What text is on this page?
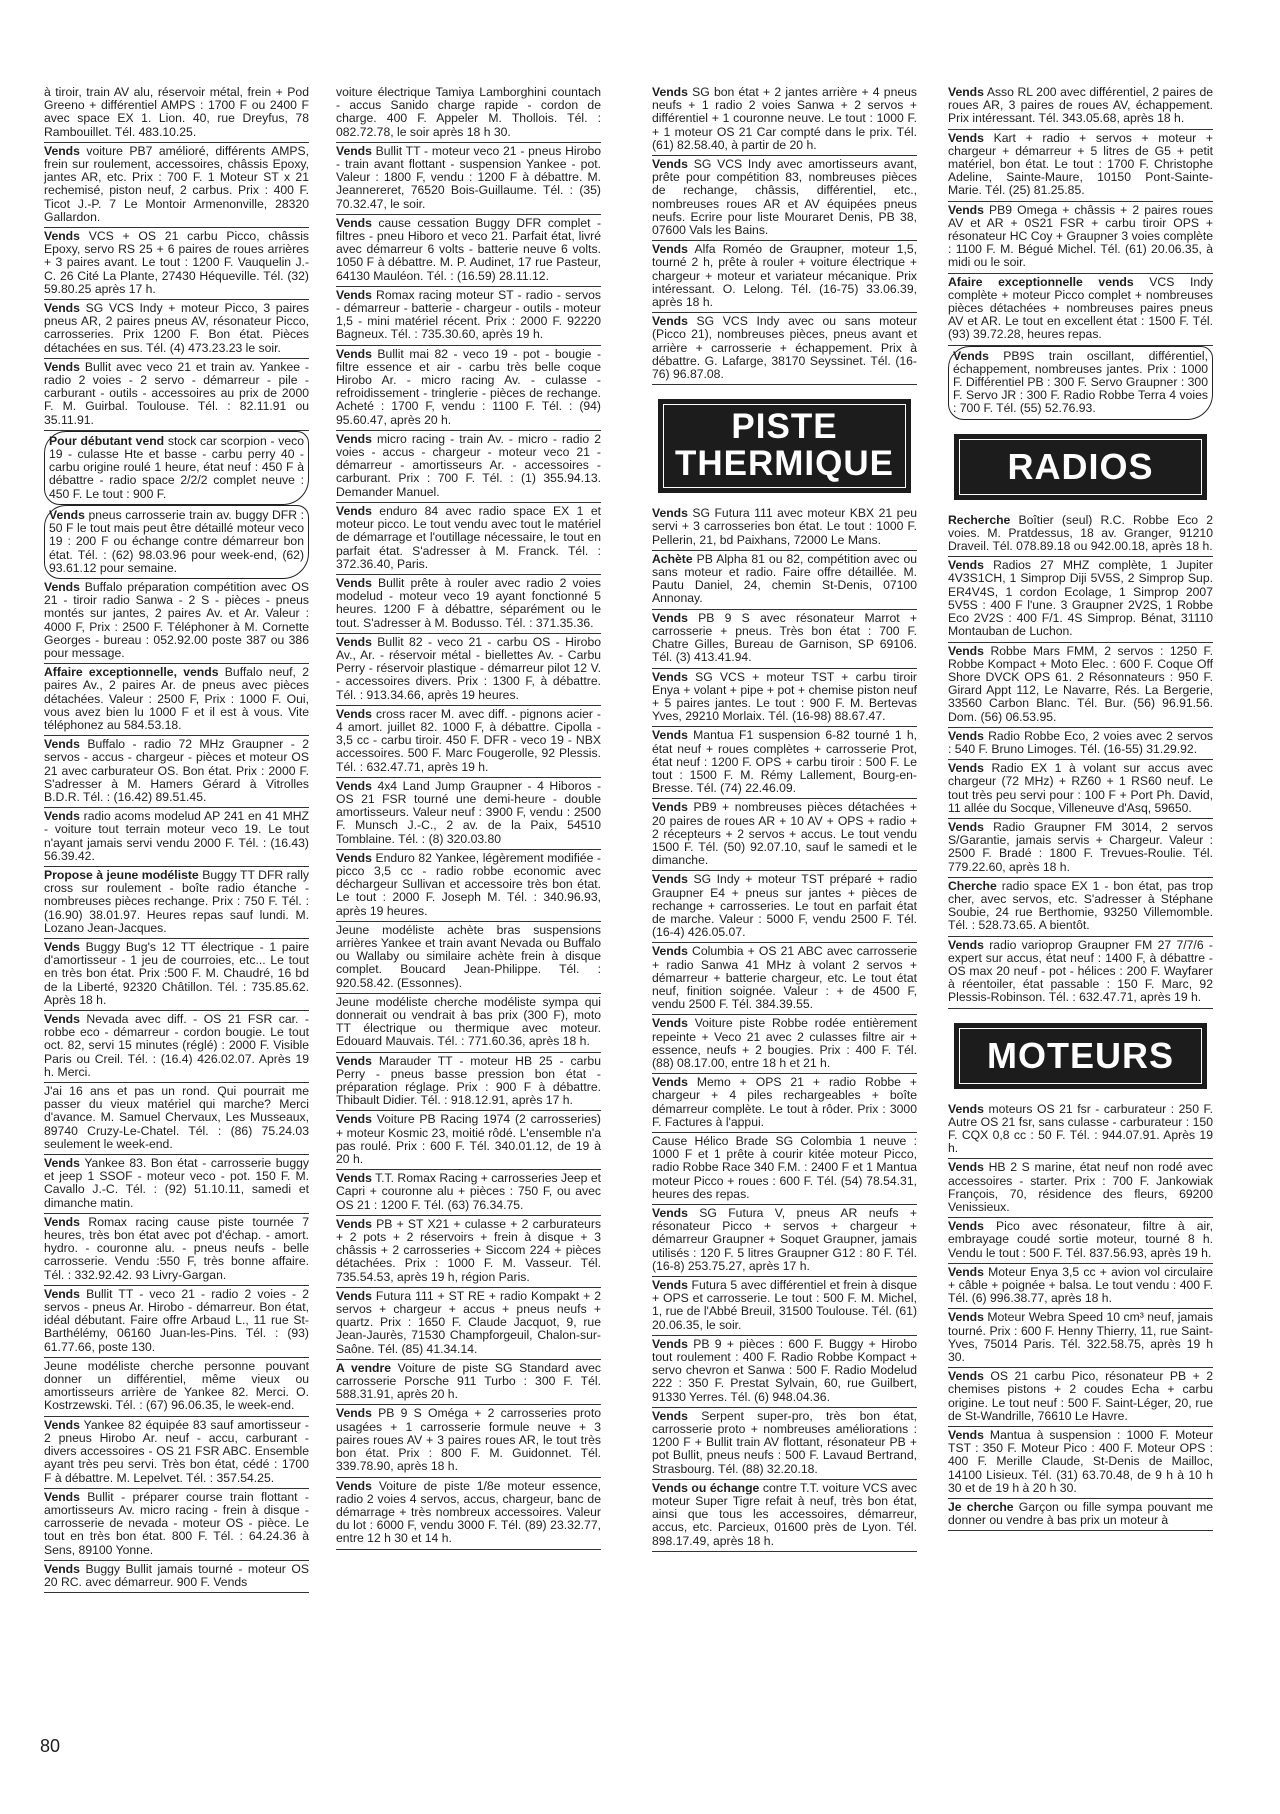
à tiroir, train AV alu, réservoir métal, frein + Pod Greeno + différentiel AMPS : 1700 F ou 2400 F avec space EX 1. Lion. 40, rue Dreyfus, 78 Rambouillet. Tél. 483.10.25.
Vends voiture PB7 amélioré, différents AMPS, frein sur roulement, accessoires, châssis Epoxy, jantes AR, etc. Prix : 700 F. 1 Moteur ST x 21 rechemisé, piston neuf, 2 carbus. Prix : 400 F. Ticot J.-P. 7 Le Montoir Armenonville, 28320 Gallardon.
Vends VCS + OS 21 carbu Picco, châssis Epoxy, servo RS 25 + 6 paires de roues arrières + 3 paires avant. Le tout : 1200 F. Vauquelin J.-C. 26 Cité La Plante, 27430 Héqueville. Tél. (32) 59.80.25 après 17 h.
Vends SG VCS Indy + moteur Picco, 3 paires pneus AR, 2 paires pneus AV, résonateur Picco, carrosseries. Prix 1200 F. Bon état. Pièces détachées en sus. Tél. (4) 473.23.23 le soir.
Vends Bullit avec veco 21 et train av. Yankee - radio 2 voies - 2 servo - démarreur - pile - carburant - outils - accessoires au prix de 2000 F. M. Guirbal. Toulouse. Tél. : 82.11.91 ou 35.11.91.
Pour débutant vend stock car scorpion - veco 19 - culasse Hte et basse - carbu perry 40 - carbu origine roulé 1 heure, état neuf : 450 F à débattre - radio space 2/2/2 complet neuve : 450 F. Le tout : 900 F.
Vends pneus carrosserie train av. buggy DFR : 50 F le tout mais peut être détaillé moteur veco 19 : 200 F ou échange contre démarreur bon état. Tél. : (62) 98.03.96 pour week-end, (62) 93.61.12 pour semaine.
Vends Buffalo préparation compétition avec OS 21 - tiroir radio Sanwa - 2 S - pièces - pneus montés sur jantes, 2 paires Av. et Ar. Valeur : 4000 F, Prix : 2500 F. Téléphoner à M. Cornette Georges - bureau : 052.92.00 poste 387 ou 386 pour message.
Affaire exceptionnelle, vends Buffalo neuf, 2 paires Av., 2 paires Ar. de pneus avec pièces détachées. Valeur : 2500 F, Prix : 1000 F. Oui, vous avez bien lu 1000 F et il est à vous. Vite téléphonez au 584.53.18.
Vends Buffalo - radio 72 MHz Graupner - 2 servos - accus - chargeur - pièces et moteur OS 21 avec carburateur OS. Bon état. Prix : 2000 F. S'adresser à M. Hamers Gérard à Vitrolles B.D.R. Tél. : (16.42) 89.51.45.
Vends radio acoms modelud AP 241 en 41 MHZ - voiture tout terrain moteur veco 19. Le tout n'ayant jamais servi vendu 2000 F. Tél. : (16.43) 56.39.42.
Propose à jeune modéliste Buggy TT DFR rally cross sur roulement - boîte radio étanche - nombreuses pièces rechange. Prix : 750 F. Tél. : (16.90) 38.01.97. Heures repas sauf lundi. M. Lozano Jean-Jacques.
Vends Buggy Bug's 12 TT électrique - 1 paire d'amortisseur - 1 jeu de courroies, etc... Le tout en très bon état. Prix :500 F. M. Chaudré, 16 bd de la Liberté, 92320 Châtillon. Tél. : 735.85.62. Après 18 h.
Vends Nevada avec diff. - OS 21 FSR car. - robbe eco - démarreur - cordon bougie. Le tout oct. 82, servi 15 minutes (réglé) : 2000 F. Visible Paris ou Creil. Tél. : (16.4) 426.02.07. Après 19 h. Merci.
J'ai 16 ans et pas un rond. Qui pourrait me passer du vieux matériel qui marche? Merci d'avance. M. Samuel Chervaux, Les Musseaux, 89740 Cruzy-Le-Chatel. Tél. : (86) 75.24.03 seulement le week-end.
Vends Yankee 83. Bon état - carrosserie buggy et jeep 1 SSOF - moteur veco - pot. 150 F. M. Cavallo J.-C. Tél. : (92) 51.10.11, samedi et dimanche matin.
Vends Romax racing cause piste tournée 7 heures, très bon état avec pot d'échap. - amort. hydro. - couronne alu. - pneus neufs - belle carrosserie. Vendu :550 F, très bonne affaire. Tél. : 332.92.42. 93 Livry-Gargan.
Vends Bullit TT - veco 21 - radio 2 voies - 2 servos - pneus Ar. Hirobo - démarreur. Bon état, idéal débutant. Faire offre Arbaud L., 11 rue St-Barthélémy, 06160 Juan-les-Pins. Tél. : (93) 61.77.66, poste 130.
Jeune modéliste cherche personne pouvant donner un différentiel, même vieux ou amortisseurs arrière de Yankee 82. Merci. O. Kostrzewski. Tél. : (67) 96.06.35, le week-end.
Vends Yankee 82 équipée 83 sauf amortisseur - 2 pneus Hirobo Ar. neuf - accu, carburant - divers accessoires - OS 21 FSR ABC. Ensemble ayant très peu servi. Très bon état, cédé : 1700 F à débattre. M. Lepelvet. Tél. : 357.54.25.
Vends Bullit - préparer course train flottant - amortisseurs Av. micro racing - frein à disque - carrosserie de nevada - moteur OS - pièce. Le tout en très bon état. 800 F. Tél. : 64.24.36 à Sens, 89100 Yonne.
Vends Buggy Bullit jamais tourné - moteur OS 20 RC. avec démarreur. 900 F. Vends
voiture électrique Tamiya Lamborghini countach - accus Sanido charge rapide - cordon de charge. 400 F. Appeler M. Thollois. Tél. : 082.72.78, le soir après 18 h 30.
Vends Bullit TT - moteur veco 21 - pneus Hirobo - train avant flottant - suspension Yankee - pot. Valeur : 1800 F, vendu : 1200 F à débattre. M. Jeannereret, 76520 Bois-Guillaume. Tél. : (35) 70.32.47, le soir.
Vends cause cessation Buggy DFR complet - filtres - pneu Hiboro et veco 21. Parfait état, livré avec démarreur 6 volts - batterie neuve 6 volts. 1050 F à débattre. M. P. Audinet, 17 rue Pasteur, 64130 Mauléon. Tél. : (16.59) 28.11.12.
Vends Romax racing moteur ST - radio - servos - démarreur - batterie - chargeur - outils - moteur 1,5 - mini matériel récent. Prix : 2000 F. 92220 Bagneux. Tél. : 735.30.60, après 19 h.
Vends Bullit mai 82 - veco 19 - pot - bougie - filtre essence et air - carbu très belle coque Hirobo Ar. - micro racing Av. - culasse - refroidissement - tringlerie - pièces de rechange. Acheté : 1700 F, vendu : 1100 F. Tél. : (94) 95.60.47, après 20 h.
Vends micro racing - train Av. - micro - radio 2 voies - accus - chargeur - moteur veco 21 - démarreur - amortisseurs Ar. - accessoires - carburant. Prix : 700 F. Tél. : (1) 355.94.13. Demander Manuel.
Vends enduro 84 avec radio space EX 1 et moteur picco. Le tout vendu avec tout le matériel de démarrage et l'outillage nécessaire, le tout en parfait état. S'adresser à M. Franck. Tél. : 372.36.40, Paris.
Vends Bullit prête à rouler avec radio 2 voies modelud - moteur veco 19 ayant fonctionné 5 heures. 1200 F à débattre, séparément ou le tout. S'adresser à M. Bodusso. Tél. : 371.35.36.
Vends Bullit 82 - veco 21 - carbu OS - Hirobo Av., Ar. - réservoir métal - biellettes Av. - Carbu Perry - réservoir plastique - démarreur pilot 12 V. - accessoires divers. Prix : 1300 F, à débattre. Tél. : 913.34.66, après 19 heures.
Vends cross racer M. avec diff. - pignons acier - 4 amort. juillet 82. 1000 F, à débattre. Cipolla - 3,5 cc - carbu tiroir. 450 F. DFR - veco 19 - NBX accessoires. 500 F. Marc Fougerolle, 92 Plessis. Tél. : 632.47.71, après 19 h.
Vends 4x4 Land Jump Graupner - 4 Hiboros - OS 21 FSR tourné une demi-heure - double amortisseurs. Valeur neuf : 3900 F, vendu : 2500 F. Munsch J.-C., 2 av. de la Paix, 54510 Tomblaine. Tél. : (8) 320.03.80
Vends Enduro 82 Yankee, légèrement modifiée - picco 3,5 cc - radio robbe economic avec déchargeur Sullivan et accessoire très bon état. Le tout : 2000 F. Joseph M. Tél. : 340.96.93, après 19 heures.
Jeune modéliste achète bras suspensions arrières Yankee et train avant Nevada ou Buffalo ou Wallaby ou similaire achète frein à disque complet. Boucard Jean-Philippe. Tél. : 920.58.42. (Essonnes).
Jeune modéliste cherche modéliste sympa qui donnerait ou vendrait à bas prix (300 F), moto TT électrique ou thermique avec moteur. Edouard Mauvais. Tél. : 771.60.36, après 18 h.
Vends Marauder TT - moteur HB 25 - carbu Perry - pneus basse pression bon état - préparation réglage. Prix : 900 F à débattre. Thibault Didier. Tél. : 918.12.91, après 17 h.
Vends Voiture PB Racing 1974 (2 carrosseries) + moteur Kosmic 23, moitié rôdé. L'ensemble n'a pas roulé. Prix : 600 F. Tél. 340.01.12, de 19 à 20 h.
Vends T.T. Romax Racing + carrosseries Jeep et Capri + couronne alu + pièces : 750 F, ou avec OS 21 : 1200 F. Tél. (63) 76.34.75.
Vends PB + ST X21 + culasse + 2 carburateurs + 2 pots + 2 réservoirs + frein à disque + 3 châssis + 2 carrosseries + Siccom 224 + pièces détachées. Prix : 1000 F. M. Vasseur. Tél. 735.54.53, après 19 h, région Paris.
Vends Futura 111 + ST RE + radio Kompakt + 2 servos + chargeur + accus + pneus neufs + quartz. Prix : 1650 F. Claude Jacquot, 9, rue Jean-Jaurès, 71530 Champforgeuil, Chalon-sur-Saône. Tél. (85) 41.34.14.
A vendre Voiture de piste SG Standard avec carrosserie Porsche 911 Turbo : 300 F. Tél. 588.31.91, après 20 h.
Vends PB 9 S Oméga + 2 carrosseries proto usagées + 1 carrosserie formule neuve + 3 paires roues AV + 3 paires roues AR, le tout très bon état. Prix : 800 F. M. Guidonnet. Tél. 339.78.90, après 18 h.
Vends Voiture de piste 1/8e moteur essence, radio 2 voies 4 servos, accus, chargeur, banc de démarrage + très nombreux accessoires. Valeur du lot : 6000 F, vendu 3000 F. Tél. (89) 23.32.77, entre 12 h 30 et 14 h.
Vends SG bon état + 2 jantes arrière + 4 pneus neufs + 1 radio 2 voies Sanwa + 2 servos + différentiel + 1 couronne neuve. Le tout : 1000 F. + 1 moteur OS 21 Car compté dans le prix. Tél. (61) 82.58.40, à partir de 20 h.
Vends SG VCS Indy avec amortisseurs avant, prête pour compétition 83, nombreuses pièces de rechange, châssis, différentiel, etc., nombreuses roues AR et AV équipées pneus neufs. Ecrire pour liste Mouraret Denis, PB 38, 07600 Vals les Bains.
Vends Alfa Roméo de Graupner, moteur 1,5, tourné 2 h, prête à rouler + voiture électrique + chargeur + moteur et variateur mécanique. Prix intéressant. O. Lelong. Tél. (16-75) 33.06.39, après 18 h.
Vends SG VCS Indy avec ou sans moteur (Picco 21), nombreuses pièces, pneus avant et arrière + carrosserie + échappement. Prix à débattre. G. Lafarge, 38170 Seyssinet. Tél. (16-76) 96.87.08.
PISTE
THERMIQUE
Vends SG Futura 111 avec moteur KBX 21 peu servi + 3 carrosseries bon état. Le tout : 1000 F. Pellerin, 21, bd Paixhans, 72000 Le Mans.
Achète PB Alpha 81 ou 82, compétition avec ou sans moteur et radio. Faire offre détaillée. M. Pautu Daniel, 24, chemin St-Denis, 07100 Annonay.
Vends PB 9 S avec résonateur Marrot + carrosserie + pneus. Très bon état : 700 F. Chatre Gilles, Bureau de Garnison, SP 69106. Tél. (3) 413.41.94.
Vends SG VCS + moteur TST + carbu tiroir Enya + volant + pipe + pot + chemise piston neuf + 5 paires jantes. Le tout : 900 F. M. Bertevas Yves, 29210 Morlaix. Tél. (16-98) 88.67.47.
Vends Mantua F1 suspension 6-82 tourné 1 h, état neuf + roues complètes + carrosserie Prot, état neuf : 1200 F. OPS + carbu tiroir : 500 F. Le tout : 1500 F. M. Rémy Lallement, Bourg-en-Bresse. Tél. (74) 22.46.09.
Vends PB9 + nombreuses pièces détachées + 20 paires de roues AR + 10 AV + OPS + radio + 2 récepteurs + 2 servos + accus. Le tout vendu 1500 F. Tél. (50) 92.07.10, sauf le samedi et le dimanche.
Vends SG Indy + moteur TST préparé + radio Graupner E4 + pneus sur jantes + pièces de rechange + carrosseries. Le tout en parfait état de marche. Valeur : 5000 F, vendu 2500 F. Tél. (16-4) 426.05.07.
Vends Columbia + OS 21 ABC avec carrosserie + radio Sanwa 41 MHz à volant 2 servos + démarreur + batterie chargeur, etc. Le tout état neuf, finition soignée. Valeur : + de 4500 F, vendu 2500 F. Tél. 384.39.55.
Vends Voiture piste Robbe rodée entièrement repeinte + Veco 21 avec 2 culasses filtre air + essence, neufs + 2 bougies. Prix : 400 F. Tél. (88) 08.17.00, entre 18 h et 21 h.
Vends Memo + OPS 21 + radio Robbe + chargeur + 4 piles rechargeables + boîte démarreur complète. Le tout à rôder. Prix : 3000 F. Factures à l'appui.
Cause Hélico Brade SG Colombia 1 neuve : 1000 F et 1 prête à courir kitée moteur Picco, radio Robbe Race 340 F.M. : 2400 F et 1 Mantua moteur Picco + roues : 600 F. Tél. (54) 78.54.31, heures des repas.
Vends SG Futura V, pneus AR neufs + résonateur Picco + servos + chargeur + démarreur Graupner + Soquet Graupner, jamais utilisés : 120 F. 5 litres Graupner G12 : 80 F. Tél. (16-8) 253.75.27, après 17 h.
Vends Futura 5 avec différentiel et frein à disque + OPS et carrosserie. Le tout : 500 F. M. Michel, 1, rue de l'Abbé Breuil, 31500 Toulouse. Tél. (61) 20.06.35, le soir.
Vends PB 9 + pièces : 600 F. Buggy + Hirobo tout roulement : 400 F. Radio Robbe Kompact + servo chevron et Sanwa : 500 F. Radio Modelud 222 : 350 F. Prestat Sylvain, 60, rue Guilbert, 91330 Yerres. Tél. (6) 948.04.36.
Vends Serpent super-pro, très bon état, carrosserie proto + nombreuses améliorations : 1200 F + Bullit train AV flottant, résonateur PB + pot Bullit, pneus neufs : 500 F. Lavaud Bertrand, Strasbourg. Tél. (88) 32.20.18.
Vends ou échange contre T.T. voiture VCS avec moteur Super Tigre refait à neuf, très bon état, ainsi que tous les accessoires, démarreur, accus, etc. Parcieux, 01600 près de Lyon. Tél. 898.17.49, après 18 h.
Vends Asso RL 200 avec différentiel, 2 paires de roues AR, 3 paires de roues AV, échappement. Prix intéressant. Tél. 343.05.68, après 18 h.
Vends Kart + radio + servos + moteur + chargeur + démarreur + 5 litres de G5 + petit matériel, bon état. Le tout : 1700 F. Christophe Adeline, Sainte-Maure, 10150 Pont-Sainte-Marie. Tél. (25) 81.25.85.
Vends PB9 Omega + châssis + 2 paires roues AV et AR + 0S21 FSR + carbu tiroir OPS + résonateur HC Coy + Graupner 3 voies complète : 1100 F. M. Bégué Michel. Tél. (61) 20.06.35, à midi ou le soir.
Afaire exceptionnelle vends VCS Indy complète + moteur Picco complet + nombreuses pièces détachées + nombreuses paires pneus AV et AR. Le tout en excellent état : 1500 F. Tél. (93) 39.72.28, heures repas.
Vends PB9S train oscillant, différentiel, échappement, nombreuses jantes. Prix : 1000 F. Différentiel PB : 300 F. Servo Graupner : 300 F. Servo JR : 300 F. Radio Robbe Terra 4 voies : 700 F. Tél. (55) 52.76.93.
RADIOS
Recherche Boîtier (seul) R.C. Robbe Eco 2 voies. M. Pratdessus, 18 av. Granger, 91210 Draveil. Tél. 078.89.18 ou 942.00.18, après 18 h.
Vends Radios 27 MHZ complète, 1 Jupiter 4V3S1CH, 1 Simprop Diji 5V5S, 2 Simprop Sup. ER4V4S, 1 cordon Ecolage, 1 Simprop 2007 5V5S : 400 F l'une. 3 Graupner 2V2S, 1 Robbe Eco 2V2S : 400 F/1. 4S Simprop. Bénat, 31110 Montauban de Luchon.
Vends Robbe Mars FMM, 2 servos : 1250 F. Robbe Kompact + Moto Elec. : 600 F. Coque Off Shore DVCK OPS 61. 2 Résonnateurs : 950 F. Girard Appt 112, Le Navarre, Rés. La Bergerie, 33560 Carbon Blanc. Tél. Bur. (56) 96.91.56. Dom. (56) 06.53.95.
Vends Radio Robbe Eco, 2 voies avec 2 servos : 540 F. Bruno Limoges. Tél. (16-55) 31.29.92.
Vends Radio EX 1 à volant sur accus avec chargeur (72 MHz) + RZ60 + 1 RS60 neuf. Le tout très peu servi pour : 100 F + Port Ph. David, 11 allée du Socque, Villeneuve d'Asq, 59650.
Vends Radio Graupner FM 3014, 2 servos S/Garantie, jamais servis + Chargeur. Valeur : 2500 F. Bradé : 1800 F. Trevues-Roulie. Tél. 779.22.60, après 18 h.
Cherche radio space EX 1 - bon état, pas trop cher, avec servos, etc. S'adresser à Stéphane Soubie, 24 rue Berthomie, 93250 Villemomble. Tél. : 528.73.65. A bientôt.
Vends radio varioprop Graupner FM 27 7/7/6 - expert sur accus, état neuf : 1400 F, à débattre - OS max 20 neuf - pot - hélices : 200 F. Wayfarer à réentoiler, état passable : 150 F. Marc, 92 Plessis-Robinson. Tél. : 632.47.71, après 19 h.
MOTEURS
Vends moteurs OS 21 fsr - carburateur : 250 F. Autre OS 21 fsr, sans culasse - carburateur : 150 F. CQX 0,8 cc : 50 F. Tél. : 944.07.91. Après 19 h.
Vends HB 2 S marine, état neuf non rodé avec accessoires - starter. Prix : 700 F. Jankowiak François, 70, résidence des fleurs, 69200 Venissieux.
Vends Pico avec résonateur, filtre à air, embrayage coudé sortie moteur, tourné 8 h. Vendu le tout : 500 F. Tél. 837.56.93, après 19 h.
Vends Moteur Enya 3,5 cc + avion vol circulaire + câble + poignée + balsa. Le tout vendu : 400 F. Tél. (6) 996.38.77, après 18 h.
Vends Moteur Webra Speed 10 cm³ neuf, jamais tourné. Prix : 600 F. Henny Thierry, 11, rue Saint-Yves, 75014 Paris. Tél. 322.58.75, après 19 h 30.
Vends OS 21 carbu Pico, résonateur PB + 2 chemises pistons + 2 coudes Echa + carbu origine. Le tout neuf : 500 F. Saint-Léger, 20, rue de St-Wandrille, 76610 Le Havre.
Vends Mantua à suspension : 1000 F. Moteur TST : 350 F. Moteur Pico : 400 F. Moteur OPS : 400 F. Merille Claude, St-Denis de Mailloc, 14100 Lisieux. Tél. (31) 63.70.48, de 9 h à 10 h 30 et de 19 h à 20 h 30.
Je cherche Garçon ou fille sympa pouvant me donner ou vendre à bas prix un moteur à
80
